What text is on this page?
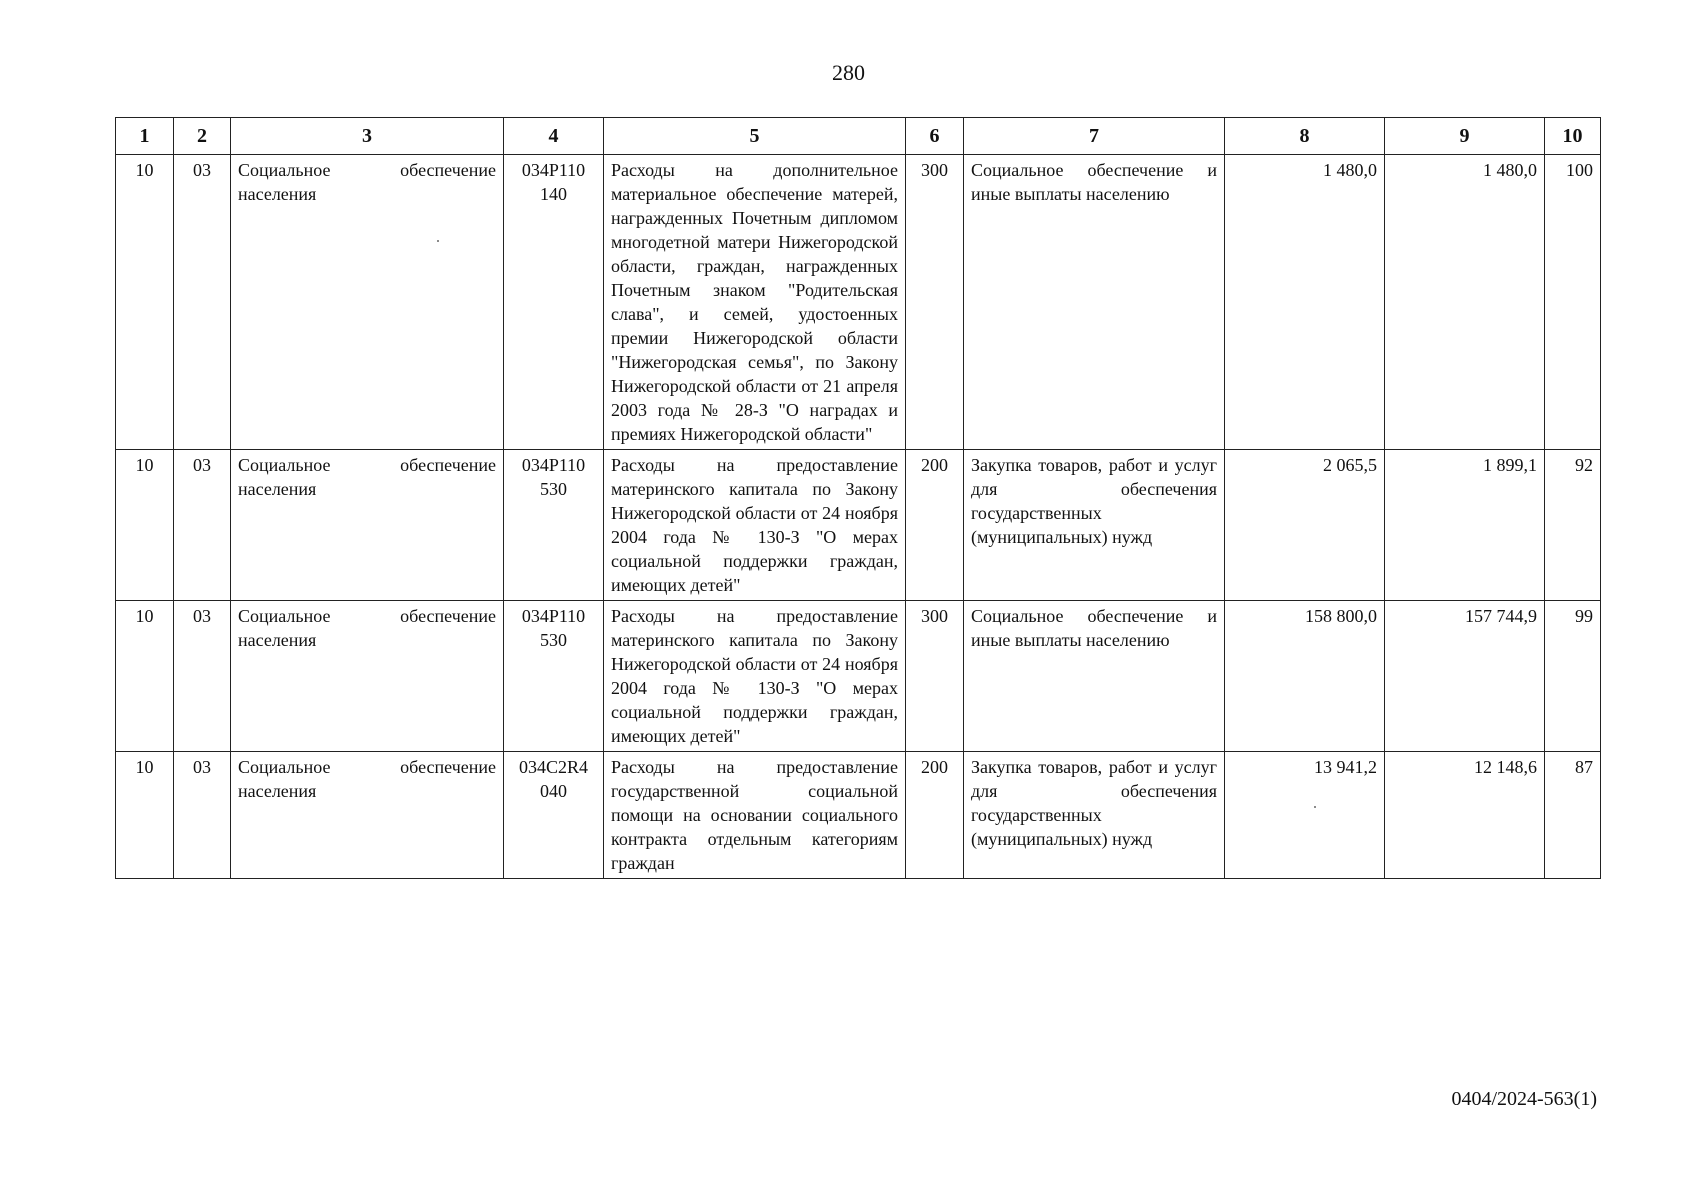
280
1	2	3	4	5	6	7	8	9	10
10	03	Социальное обеспечение населения	034Р110 140	Расходы на дополнительное материальное обеспечение матерей, награжденных Почетным дипломом многодетной матери Нижегородской области, граждан, награжденных Почетным знаком "Родительская слава", и семей, удостоенных премии Нижегородской области "Нижегородская семья", по Закону Нижегородской области от 21 апреля 2003 года № 28-З "О наградах и премиях Нижегородской области"	300	Социальное обеспечение и иные выплаты населению	1 480,0	1 480,0	100
10	03	Социальное обеспечение населения	034Р110 530	Расходы на предоставление материнского капитала по Закону Нижегородской области от 24 ноября 2004 года № 130-З "О мерах социальной поддержки граждан, имеющих детей"	200	Закупка товаров, работ и услуг для обеспечения государственных (муниципальных) нужд	2 065,5	1 899,1	92
10	03	Социальное обеспечение населения	034Р110 530	Расходы на предоставление материнского капитала по Закону Нижегородской области от 24 ноября 2004 года № 130-З "О мерах социальной поддержки граждан, имеющих детей"	300	Социальное обеспечение и иные выплаты населению	158 800,0	157 744,9	99
10	03	Социальное обеспечение населения	034С2R4 040	Расходы на предоставление государственной социальной помощи на основании социального контракта отдельным категориям граждан	200	Закупка товаров, работ и услуг для обеспечения государственных (муниципальных) нужд	13 941,2	12 148,6	87
0404/2024-563(1)
